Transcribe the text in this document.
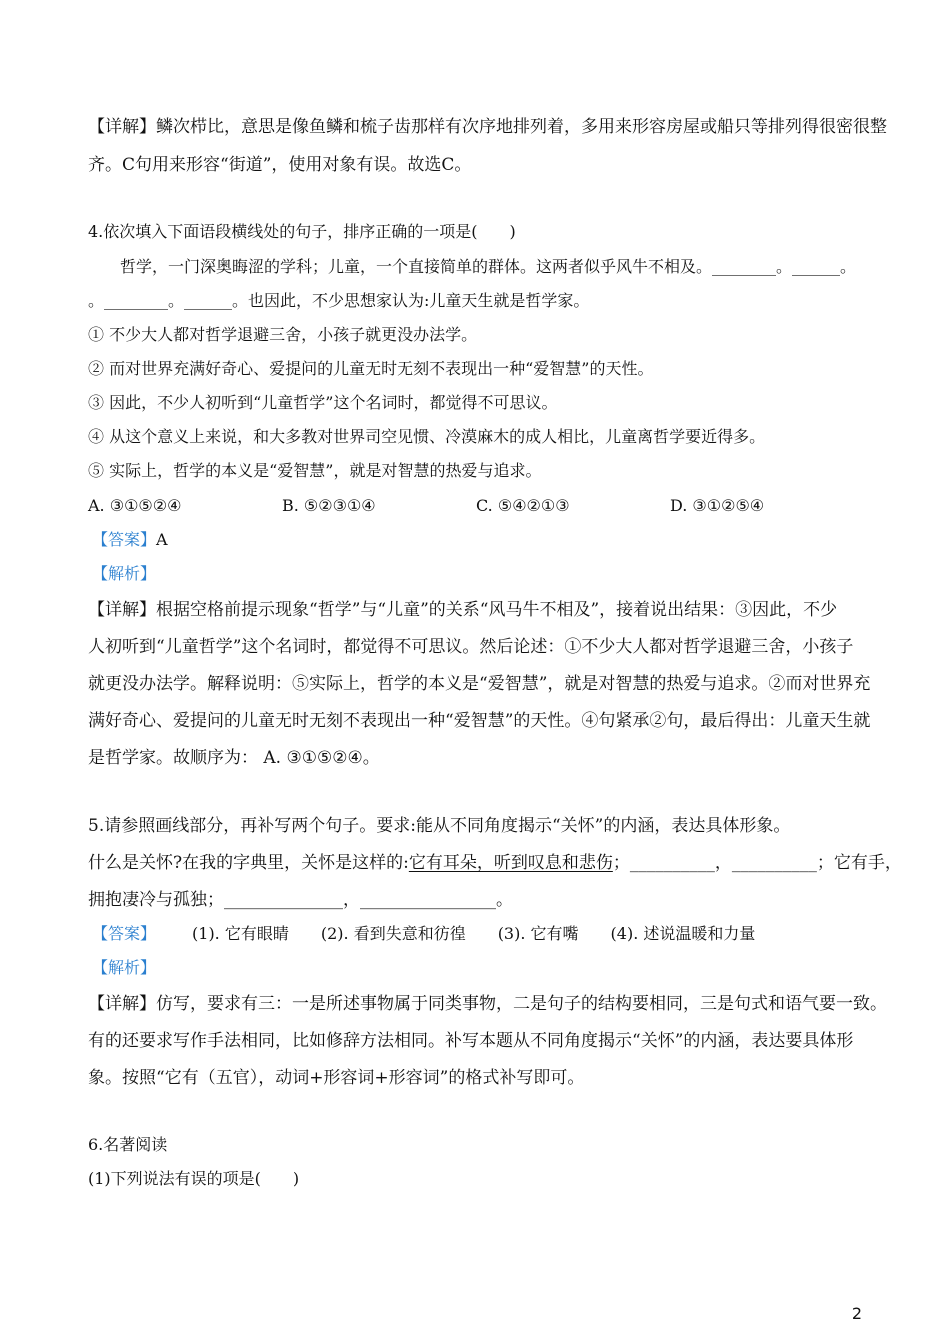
【详解】鳞次栉比，意思是像鱼鳞和梳子齿那样有次序地排列着，多用来形容房屋或船只等排列得很密很整
齐。C句用来形容“街道”，使用对象有误。故选C。
4.依次填入下面语段横线处的句子，排序正确的一项是(　　)
哲学，一门深奥晦涩的学科；儿童，一个直接简单的群体。这两者似乎风牛不相及。________。______。
。________。______。也因此，不少思想家认为:儿童天生就是哲学家。
① 不少大人都对哲学退避三舍，小孩子就更没办法学。
② 而对世界充满好奇心、爱提问的儿童无时无刻不表现出一种“爱智慧”的天性。
③ 因此，不少人初听到“儿童哲学”这个名词时，都觉得不可思议。
④ 从这个意义上来说，和大多教对世界司空见惯、冷漠麻木的成人相比，儿童离哲学要近得多。
⑤ 实际上，哲学的本义是“爱智慧”，就是对智慧的热爱与追求。
A. ③①⑤②④	B. ⑤②③①④	C. ⑤④②①③	D. ③①②⑤④
【答案】A
【解析】
【详解】根据空格前提示现象“哲学”与“儿童”的关系“风马牛不相及”，接着说出结果：③因此，不少
人初听到“儿童哲学”这个名词时，都觉得不可思议。然后论述：①不少大人都对哲学退避三舍，小孩子
就更没办法学。解释说明：⑤实际上，哲学的本义是“爱智慧”，就是对智慧的热爱与追求。②而对世界充
满好奇心、爱提问的儿童无时无刻不表现出一种“爱智慧”的天性。④句紧承②句，最后得出：儿童天生就
是哲学家。故顺序为： A. ③①⑤②④。
5.请参照画线部分，再补写两个句子。要求:能从不同角度揭示“关怀”的内涵，表达具体形象。
什么是关怀?在我的字典里，关怀是这样的:它有耳朵，听到叹息和悲伤；__________，__________；它有手，
拥抱凄冷与孤独；______________，________________。
【答案】 (1). 它有眼睛　　(2). 看到失意和彷徨　　(3). 它有嘴　　(4). 述说温暖和力量
【解析】
【详解】仿写，要求有三：一是所述事物属于同类事物，二是句子的结构要相同，三是句式和语气要一致。
有的还要求写作手法相同，比如修辞方法相同。补写本题从不同角度揭示“关怀”的内涵，表达要具体形
象。按照“它有（五官），动词+形容词+形容词”的格式补写即可。
6.名著阅读
(1)下列说法有误的项是(　　)
2
